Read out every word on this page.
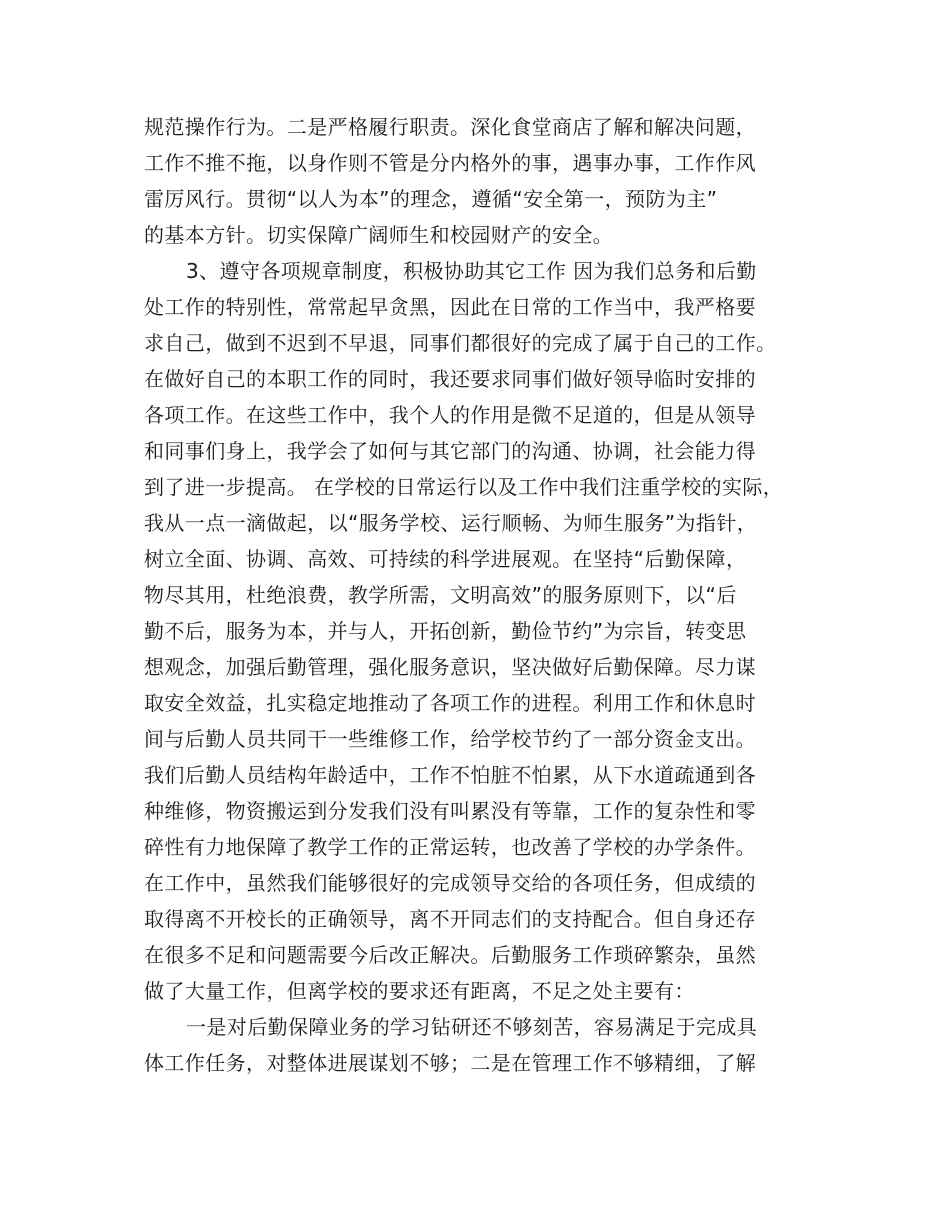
规范操作行为。二是严格履行职责。深化食堂商店了解和解决问题，
工作不推不拖，以身作则不管是分内格外的事，遇事办事，工作作风
雷厉风行。贯彻“以人为本”的理念，遵循“安全第一，预防为主”
的基本方针。切实保障广阔师生和校园财产的安全。
3、遵守各项规章制度，积极协助其它工作 因为我们总务和后勤
处工作的特别性，常常起早贪黑，因此在日常的工作当中，我严格要
求自己，做到不迟到不早退，同事们都很好的完成了属于自己的工作。
在做好自己的本职工作的同时，我还要求同事们做好领导临时安排的
各项工作。在这些工作中，我个人的作用是微不足道的，但是从领导
和同事们身上，我学会了如何与其它部门的沟通、协调，社会能力得
到了进一步提高。 在学校的日常运行以及工作中我们注重学校的实际，
我从一点一滴做起，以“服务学校、运行顺畅、为师生服务”为指针，
树立全面、协调、高效、可持续的科学进展观。在坚持“后勤保障，
物尽其用，杜绝浪费，教学所需，文明高效”的服务原则下，以“后
勤不后，服务为本，并与人，开拓创新，勤俭节约”为宗旨，转变思
想观念，加强后勤管理，强化服务意识，坚决做好后勤保障。尽力谋
取安全效益，扎实稳定地推动了各项工作的进程。利用工作和休息时
间与后勤人员共同干一些维修工作，给学校节约了一部分资金支出。
我们后勤人员结构年龄适中，工作不怕脏不怕累，从下水道疏通到各
种维修，物资搬运到分发我们没有叫累没有等靠，工作的复杂性和零
碎性有力地保障了教学工作的正常运转，也改善了学校的办学条件。
在工作中，虽然我们能够很好的完成领导交给的各项任务，但成绩的
取得离不开校长的正确领导，离不开同志们的支持配合。但自身还存
在很多不足和问题需要今后改正解决。后勤服务工作琐碎繁杂，虽然
做了大量工作，但离学校的要求还有距离，不足之处主要有：
一是对后勤保障业务的学习钻研还不够刻苦，容易满足于完成具
体工作任务，对整体进展谋划不够；二是在管理工作不够精细，了解
